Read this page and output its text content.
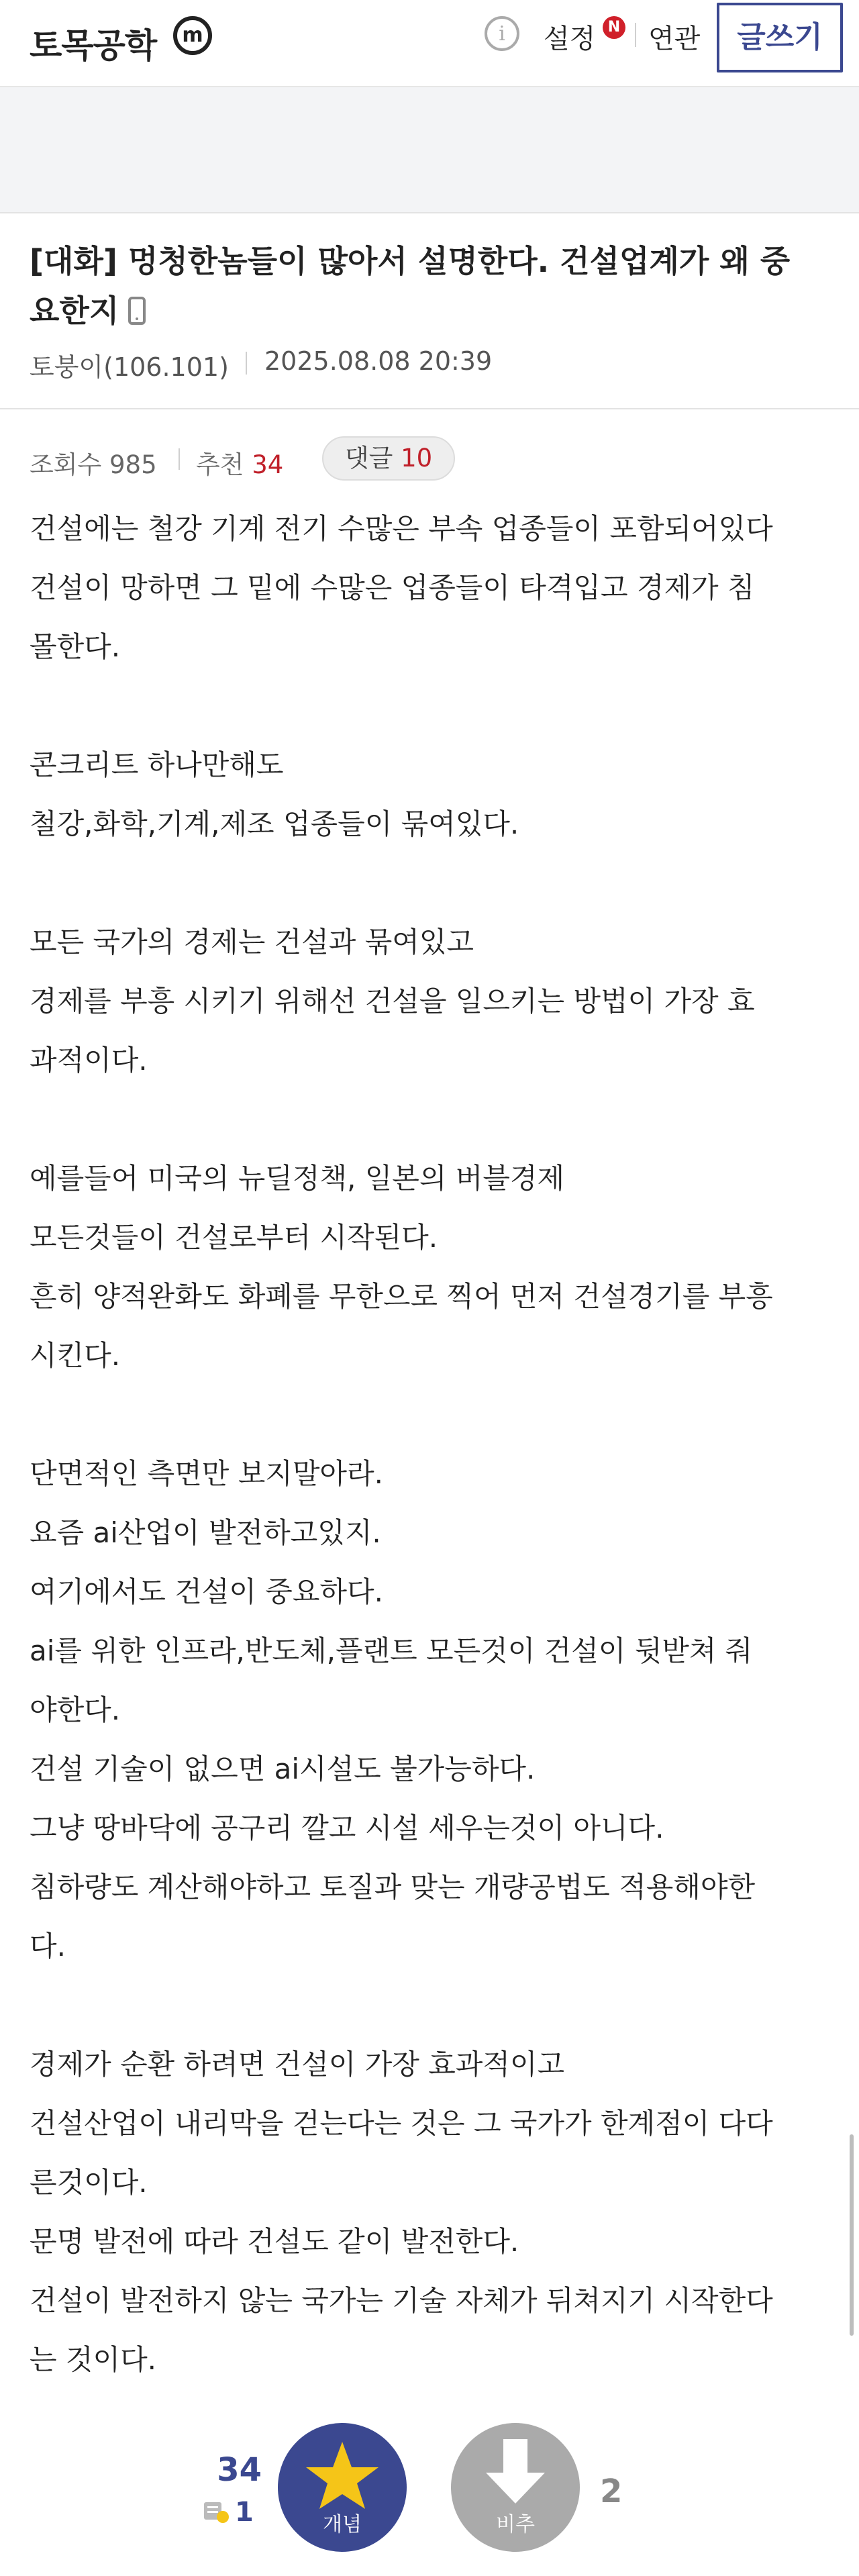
토목공학	m	i	설정 N 연관	글쓰기
[대화] 멍청한놈들이 많아서 설명한다. 건설업계가 왜 중
요한지
토붕이(106.101) 2025.08.08 20:39
조회수 985 추천 34	댓글 10
건설에는 철강 기계 전기 수많은 부속 업종들이 포함되어있다
건설이 망하면 그 밑에 수많은 업종들이 타격입고 경제가 침
몰한다.
콘크리트 하나만해도
철강,화학,기계,제조 업종들이 묶여있다.
모든 국가의 경제는 건설과 묶여있고
경제를 부흥 시키기 위해선 건설을 일으키는 방법이 가장 효
과적이다.
예를들어 미국의 뉴딜정책, 일본의 버블경제
모든것들이 건설로부터 시작된다.
흔히 양적완화도 화폐를 무한으로 찍어 먼저 건설경기를 부흥
시킨다.
단면적인 측면만 보지말아라.
요즘 ai산업이 발전하고있지.
여기에서도 건설이 중요하다.
ai를 위한 인프라,반도체,플랜트 모든것이 건설이 뒷받쳐 줘
야한다.
건설 기술이 없으면 ai시설도 불가능하다.
그냥 땅바닥에 공구리 깔고 시설 세우는것이 아니다.
침하량도 계산해야하고 토질과 맞는 개량공법도 적용해야한
다.
경제가 순환 하려면 건설이 가장 효과적이고
건설산업이 내리막을 걷는다는 것은 그 국가가 한계점이 다다
른것이다.
문명 발전에 따라 건설도 같이 발전한다.
건설이 발전하지 않는 국가는 기술 자체가 뒤쳐지기 시작한다
는 것이다.
34
1	개념	비추
2
